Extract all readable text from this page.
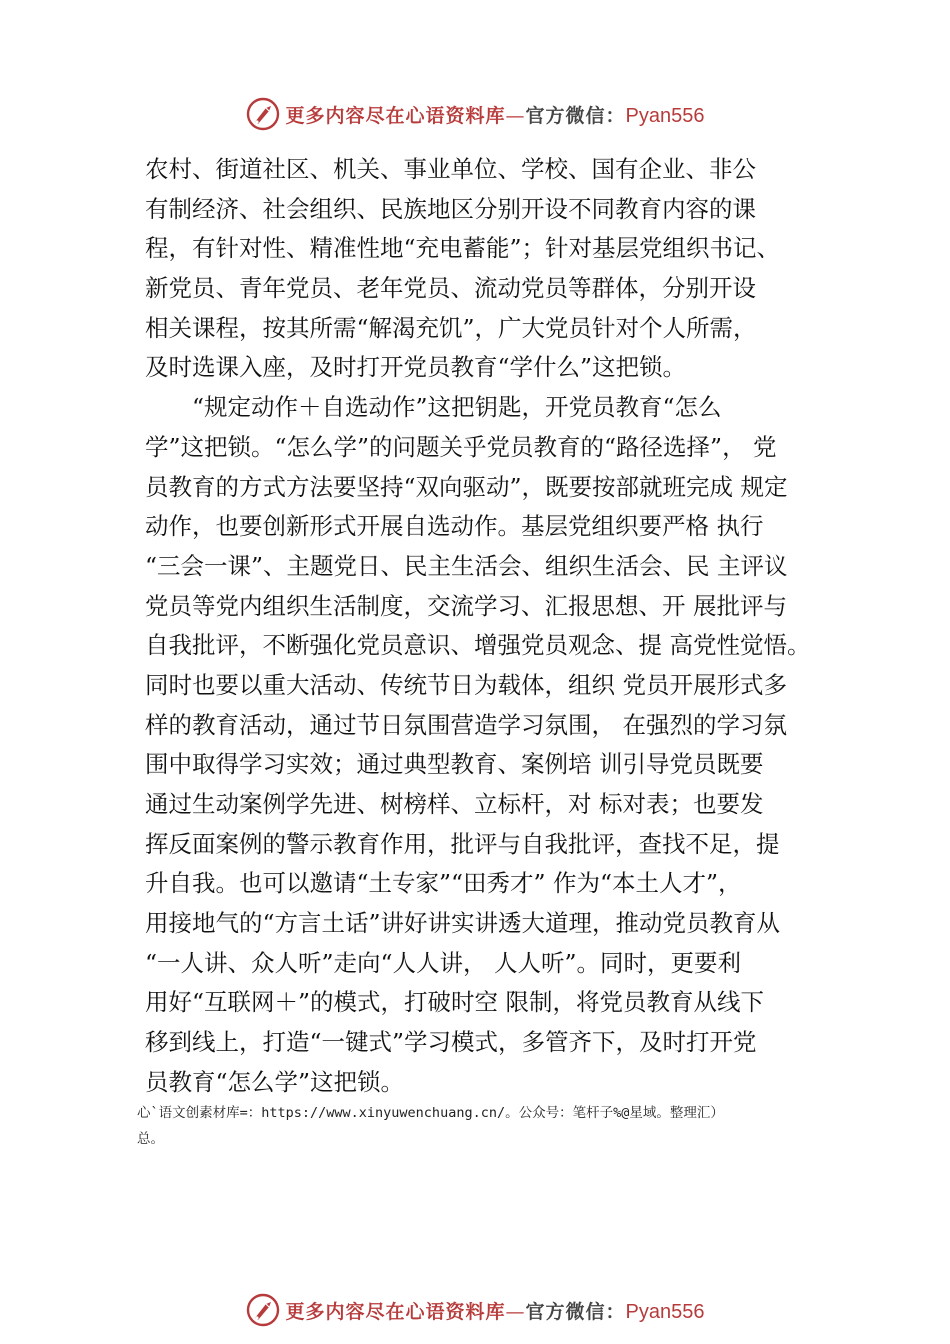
更多内容尽在心语资料库—官方微信：Pyan556
农村、街道社区、机关、事业单位、学校、国有企业、非公
有制经济、社会组织、民族地区分别开设不同教育内容的课
程，有针对性、精准性地“充电蓄能”；针对基层党组织书记、
新党员、青年党员、老年党员、流动党员等群体，分别开设
相关课程，按其所需“解渴充饥”，广大党员针对个人所需，
及时选课入座，及时打开党员教育“学什么”这把锁。
　　“规定动作＋自选动作”这把钥匙，开党员教育“怎么
学”这把锁。“怎么学”的问题关乎党员教育的“路径选择”， 党
员教育的方式方法要坚持“双向驱动”，既要按部就班完成 规定
动作，也要创新形式开展自选动作。基层党组织要严格 执行
“三会一课”、主题党日、民主生活会、组织生活会、民 主评议
党员等党内组织生活制度，交流学习、汇报思想、开 展批评与
自我批评，不断强化党员意识、增强党员观念、提 高党性觉悟。
同时也要以重大活动、传统节日为载体，组织 党员开展形式多
样的教育活动，通过节日氛围营造学习氛围， 在强烈的学习氛
围中取得学习实效；通过典型教育、案例培 训引导党员既要
通过生动案例学先进、树榜样、立标杆，对 标对表；也要发
挥反面案例的警示教育作用，批评与自我批评，查找不足，提
升自我。也可以邀请“土专家”“田秀才” 作为“本土人才”，
用接地气的“方言土话”讲好讲实讲透大道理，推动党员教育从
“一人讲、众人听”走向“人人讲， 人人听”。同时，更要利
用好“互联网＋”的模式，打破时空 限制，将党员教育从线下
移到线上，打造“一键式”学习模式，多管齐下，及时打开党
员教育“怎么学”这把锁。
心`语文创素材库=：https://www.xinyuwenchuang.cn/。公众号：笔杆子%@星域。整理汇）
总。
更多内容尽在心语资料库—官方微信：Pyan556
